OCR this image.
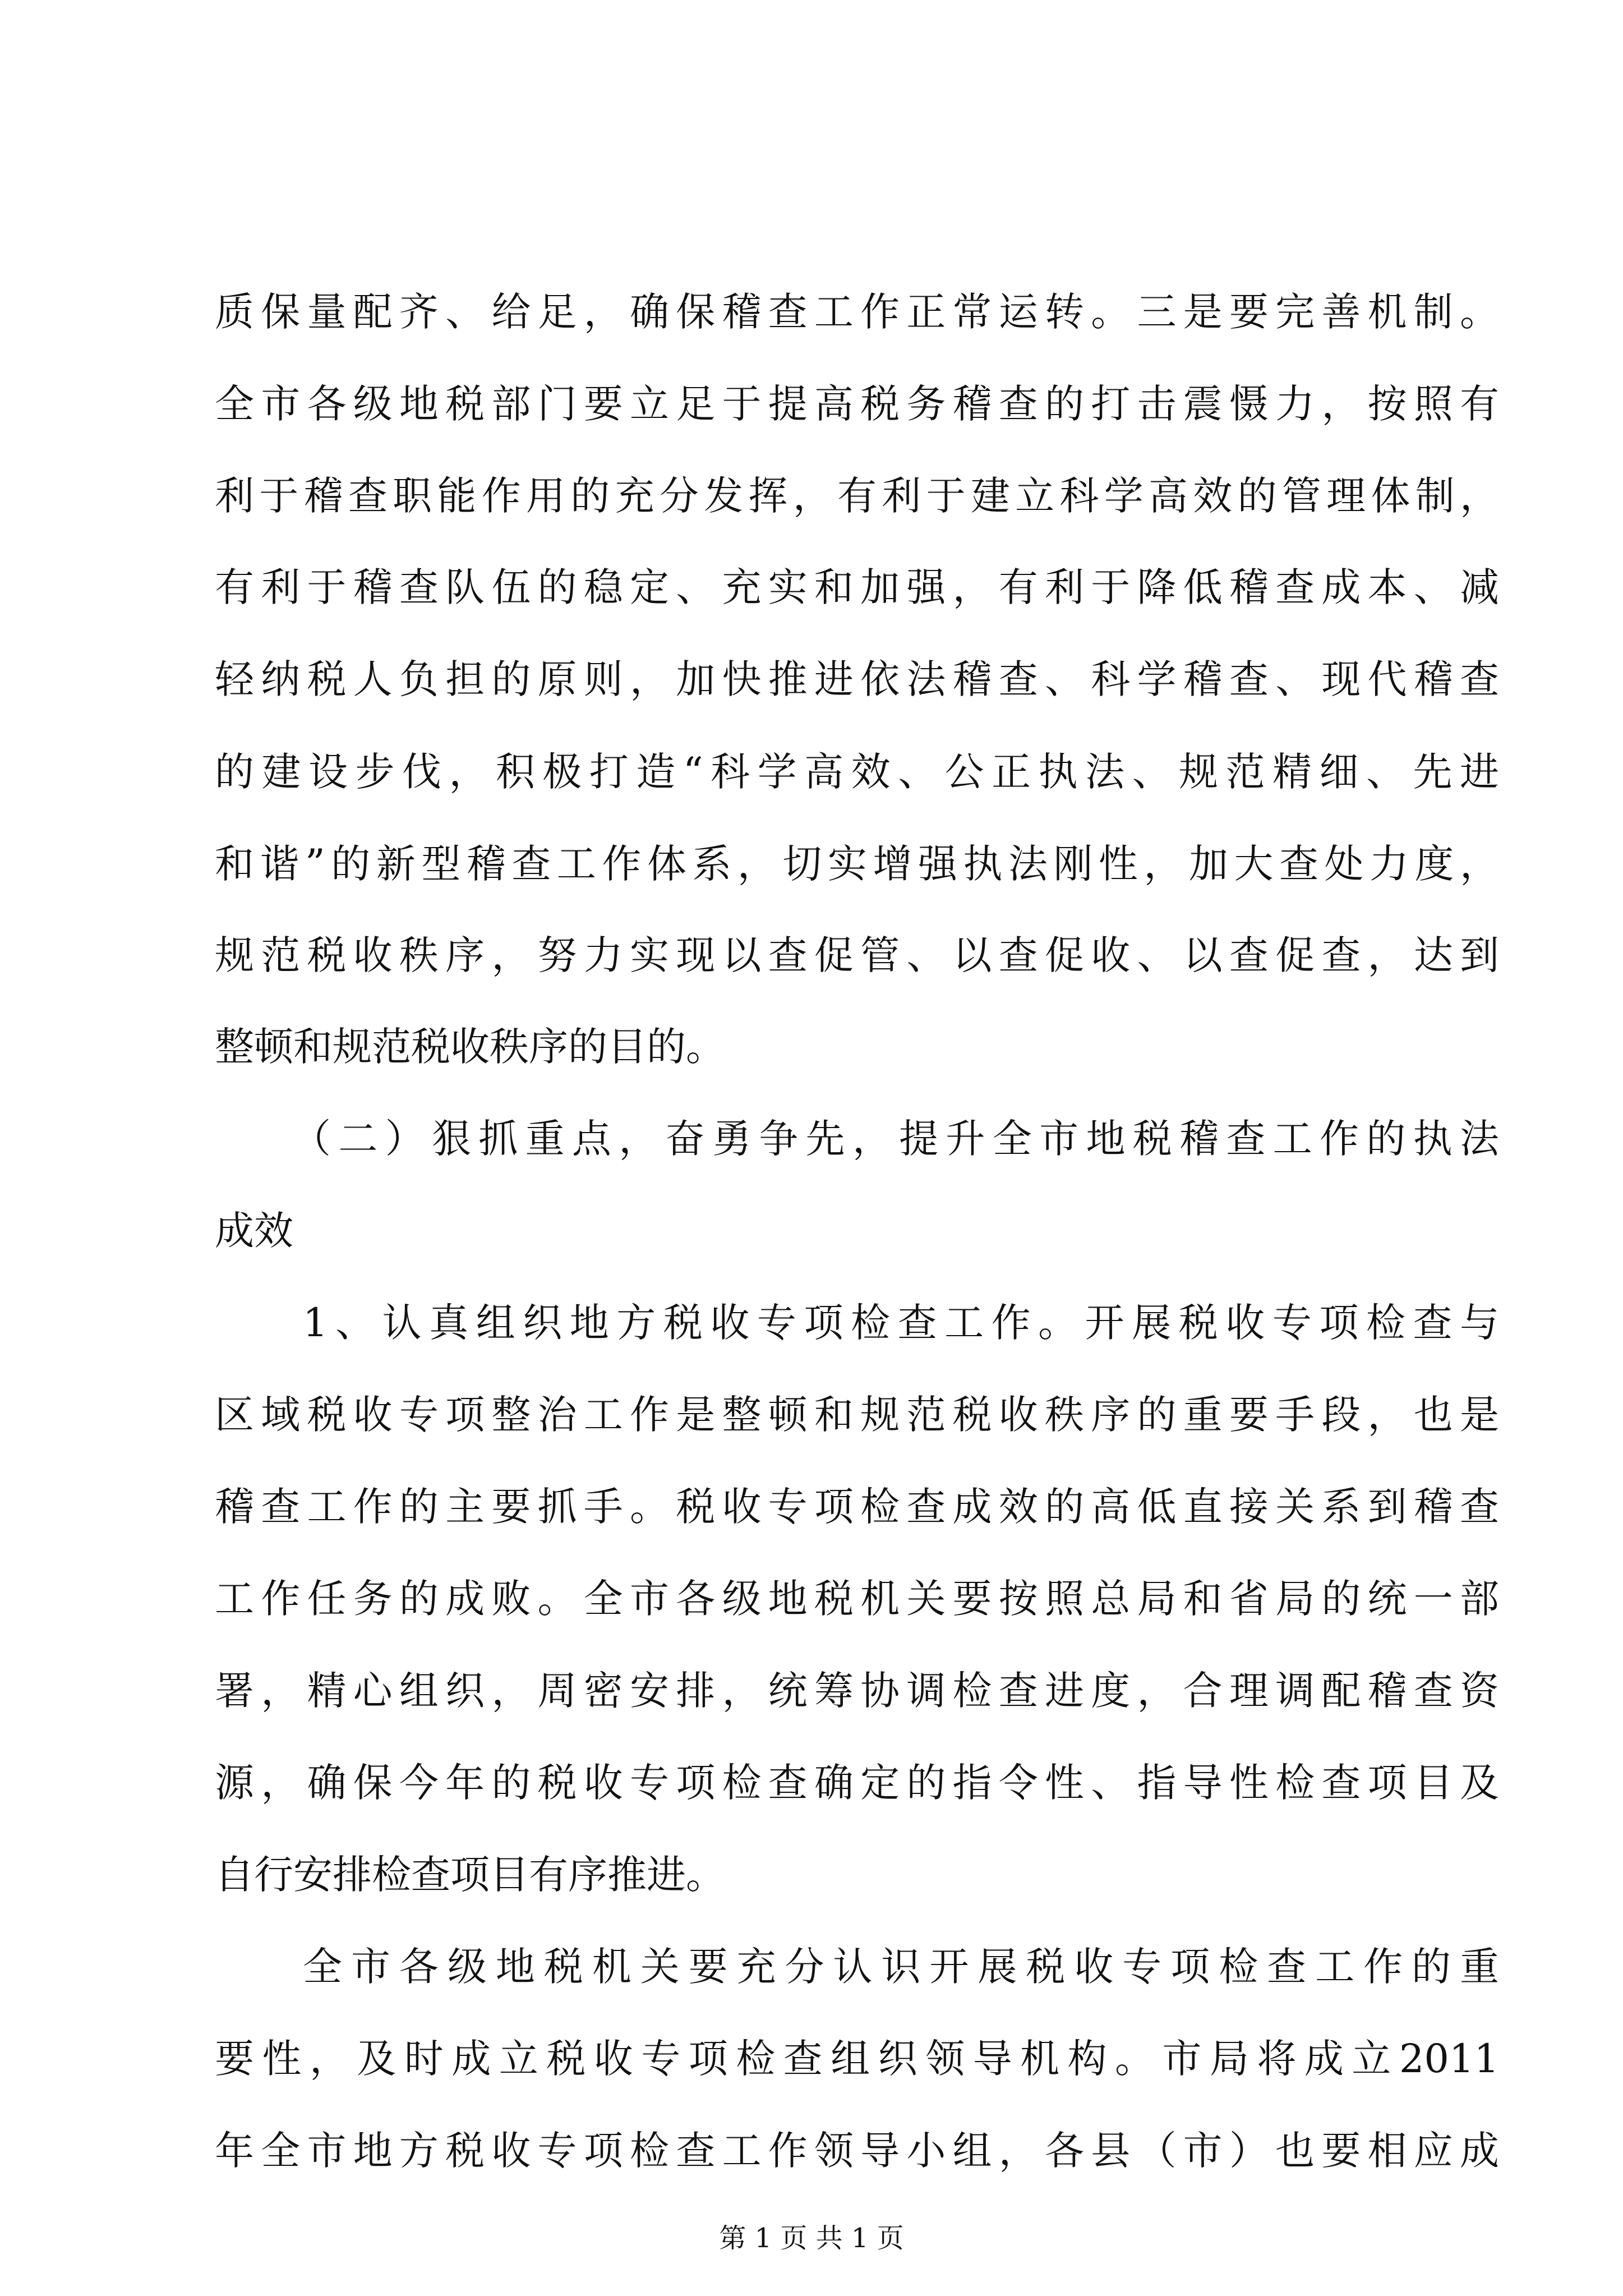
质保量配齐、给足，确保稽查工作正常运转。三是要完善机制。
全市各级地税部门要立足于提高税务稽查的打击震慑力，按照有
利于稽查职能作用的充分发挥，有利于建立科学高效的管理体制，
有利于稽查队伍的稳定、充实和加强，有利于降低稽查成本、减
轻纳税人负担的原则，加快推进依法稽查、科学稽查、现代稽查
的建设步伐，积极打造“科学高效、公正执法、规范精细、先进
和谐”的新型稽查工作体系，切实增强执法刚性，加大查处力度，
规范税收秩序，努力实现以查促管、以查促收、以查促查，达到
整顿和规范税收秩序的目的。
（二）狠抓重点，奋勇争先，提升全市地税稽查工作的执法
成效
1、认真组织地方税收专项检查工作。开展税收专项检查与
区域税收专项整治工作是整顿和规范税收秩序的重要手段，也是
稽查工作的主要抓手。税收专项检查成效的高低直接关系到稽查
工作任务的成败。全市各级地税机关要按照总局和省局的统一部
署，精心组织，周密安排，统筹协调检查进度，合理调配稽查资
源，确保今年的税收专项检查确定的指令性、指导性检查项目及
自行安排检查项目有序推进。
全市各级地税机关要充分认识开展税收专项检查工作的重
要性，及时成立税收专项检查组织领导机构。市局将成立2011
年全市地方税收专项检查工作领导小组，各县（市）也要相应成
第 1 页 共 1 页
